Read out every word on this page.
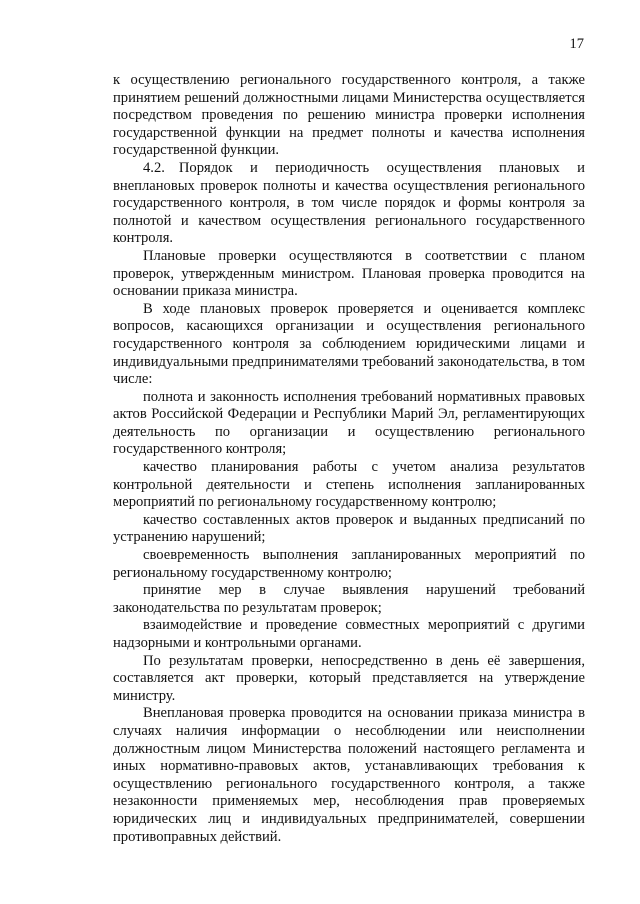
17

к осуществлению регионального государственного контроля, а также принятием решений должностными лицами Министерства осуществляется посредством проведения по решению министра проверки исполнения государственной функции на предмет полноты и качества исполнения государственной функции.

4.2. Порядок и периодичность осуществления плановых и внеплановых проверок полноты и качества осуществления регионального государственного контроля, в том числе порядок и формы контроля за полнотой и качеством осуществления регионального государственного контроля.

Плановые проверки осуществляются в соответствии с планом проверок, утвержденным министром. Плановая проверка проводится на основании приказа министра.

В ходе плановых проверок проверяется и оценивается комплекс вопросов, касающихся организации и осуществления регионального государственного контроля за соблюдением юридическими лицами и индивидуальными предпринимателями требований законодательства, в том числе:

полнота и законность исполнения требований нормативных правовых актов Российской Федерации и Республики Марий Эл, регламентирующих деятельность по организации и осуществлению регионального государственного контроля;

качество планирования работы с учетом анализа результатов контрольной деятельности и степень исполнения запланированных мероприятий по региональному государственному контролю;

качество составленных актов проверок и выданных предписаний по устранению нарушений;

своевременность выполнения запланированных мероприятий по региональному государственному контролю;

принятие мер в случае выявления нарушений требований законодательства по результатам проверок;

взаимодействие и проведение совместных мероприятий с другими надзорными и контрольными органами.

По результатам проверки, непосредственно в день её завершения, составляется акт проверки, который представляется на утверждение министру.

Внеплановая проверка проводится на основании приказа министра в случаях наличия информации о несоблюдении или неисполнении должностным лицом Министерства положений настоящего регламента и иных нормативно-правовых актов, устанавливающих требования к осуществлению регионального государственного контроля, а также незаконности применяемых мер, несоблюдения прав проверяемых юридических лиц и индивидуальных предпринимателей, совершении противоправных действий.
